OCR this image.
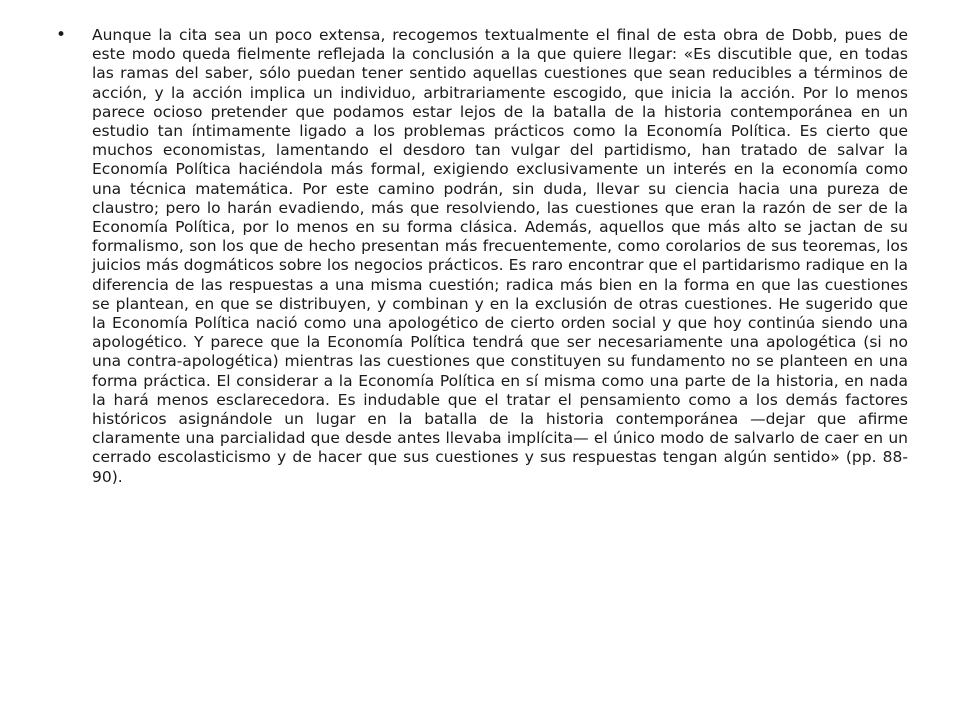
• Aunque la cita sea un poco extensa, recogemos textualmente el final de esta obra de Dobb, pues de este modo queda fielmente reflejada la conclusión a la que quiere llegar: «Es discutible que, en todas las ramas del saber, sólo puedan tener sentido aquellas cuestiones que sean reducibles a términos de acción, y la acción implica un individuo, arbitrariamente escogido, que inicia la acción. Por lo menos parece ocioso pretender que podamos estar lejos de la batalla de la historia contemporánea en un estudio tan íntimamente ligado a los problemas prácticos como la Economía Política. Es cierto que muchos economistas, lamentando el desdoro tan vulgar del partidismo, han tratado de salvar la Economía Política haciéndola más formal, exigiendo exclusivamente un interés en la economía como una técnica matemática. Por este camino podrán, sin duda, llevar su ciencia hacia una pureza de claustro; pero lo harán evadiendo, más que resolviendo, las cuestiones que eran la razón de ser de la Economía Política, por lo menos en su forma clásica. Además, aquellos que más alto se jactan de su formalismo, son los que de hecho presentan más frecuentemente, como corolarios de sus teoremas, los juicios más dogmáticos sobre los negocios prácticos. Es raro encontrar que el partidarismo radique en la diferencia de las respuestas a una misma cuestión; radica más bien en la forma en que las cuestiones se plantean, en que se distribuyen, y combinan y en la exclusión de otras cuestiones. He sugerido que la Economía Política nació como una apologético de cierto orden social y que hoy continúa siendo una apologético. Y parece que la Economía Política tendrá que ser necesariamente una apologética (si no una contra-apologética) mientras las cuestiones que constituyen su fundamento no se planteen en una forma práctica. El considerar a la Economía Política en sí misma como una parte de la historia, en nada la hará menos esclarecedora. Es indudable que el tratar el pensamiento como a los demás factores históricos asignándole un lugar en la batalla de la historia contemporánea —dejar que afirme claramente una parcialidad que desde antes llevaba implícita— el único modo de salvarlo de caer en un cerrado escolasticismo y de hacer que sus cuestiones y sus respuestas tengan algún sentido» (pp. 88-90).
